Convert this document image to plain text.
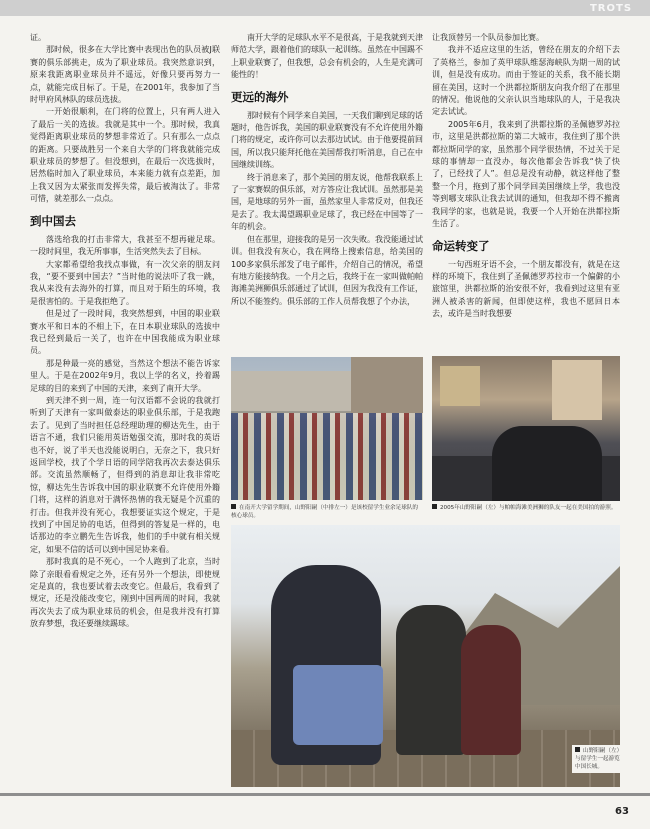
TROTS

证。

那时候，很多在大学比赛中表现出色的队员被J联赛的俱乐部挑走，成为了职业球员。我突然意识到，原来我距离职业球员并不遥远，好像只要再努力一点，就能完成目标了。于是，在2001年，我参加了当时甲府风林队的球员选拔。

一开始很顺利，在门将的位置上，只有两人进入了最后一关的选拔。我就是其中一个。那时候，我真觉得距离职业球员的梦想非常近了。只有那么一点点的距离。只要战胜另一个来自大学的门将我就能完成职业球员的梦想了。但没想到，在最后一次选拔时，居然临时加入了职业球员，本来能力就有点差距，加上我又因为太紧张而发挥失常，最后被淘汰了。非常可惜，就差那么一点点。

到中国去

落选给我的打击非常大，我甚至不想再碰足球。一段时间里，我无所事事，生活突然失去了目标。

大家都希望给我找点事做，有一次父亲的朋友问我，“要不要到中国去？”当时他的说法吓了我一跳，我从来没有去海外的打算，而且对于陌生的环境，我是很害怕的。于是我拒绝了。

但是过了一段时间，我突然想到，中国的职业联赛水平和日本的不相上下，在日本职业球队的选拔中我已经到最后一关了，也许在中国我能成为职业球员。

那是种最一亮的感觉，当然这个想法不能告诉家里人。于是在2002年9月，我以上学的名义，拎着踢足球的目的来到了中国的天津，来到了南开大学。

到天津不到一周，连一句汉语都不会说的我就打听到了天津有一家叫做泰达的职业俱乐部，于是我跑去了。见到了当时担任总经理助理的柳达先生，由于语言不通，我们只能用英语勉强交流，那时我的英语也不好，说了半天也没能说明白，无奈之下，我只好返回学校，找了个学日语的同学陪我再次去泰达俱乐部。交流虽然顺畅了，但得到的消息却让我非常吃惊，柳达先生告诉我中国的职业联赛不允许使用外籍门将，这样的消息对于满怀热情的我无疑是个沉重的打击。但我并没有死心，我想要证实这个规定，于是找到了中国足协的电话，但得到的答复是一样的，电话那边的李立鹏先生告诉我，他们的手中就有相关规定，如果不信的话可以到中国足协来看。

那时我真的是不死心，一个人跑到了北京，当时除了亲眼看看规定之外，还有另外一个想法，即使规定是真的，我也要试着去改变它。但最后，我看到了规定，还是没能改变它，刚到中国两周的时间，我就再次失去了成为职业球员的机会，但是我并没有打算放弃梦想，我还要继续踢球。

南开大学的足球队水平不是很高，于是我就到天津师范大学，跟着他们的球队一起训练。虽然在中国踢不上职业联赛了，但我想，总会有机会的，人生是充满可能性的！

更远的海外

那时候有个同学来自美国，一天我们聊到足球的话题时，他告诉我，美国的职业联赛没有不允许使用外籍门将的规定，或许你可以去那边试试。由于他要提前回国，所以我只能拜托他在美国帮我打听消息，自己在中国继续训练。

终于消息来了，那个美国的朋友说，他帮我联系上了一家赛娱的俱乐部，对方答应让我试训。虽然那是美国，是地球的另外一面，虽然家里人非常反对，但我还是去了。我太渴望踢职业足球了，我已经在中国等了一年的机会。

但在那里，迎接我的是另一次失败。我没能通过试训。但我没有灰心，我在网络上搜索信息，给美国的100多家俱乐部发了电子邮件，介绍自己的情况，希望有地方能接纳我。一个月之后，我终于在一家叫做帕帕海滩美洲狮俱乐部通过了试训，但因为我没有工作证，所以不能签约。俱乐部的工作人员帮我想了个办法，

让我顶替另一个队员参加比赛。

我并不适应这里的生活，曾经在朋友的介绍下去了英格兰，参加了英甲球队维瑟海峡队为期一周的试训，但是没有成功。而由于签证的关系，我不能长期留在美国，这时一个洪都拉斯朋友向我介绍了在那里的情况。他说他的父亲认识当地球队的人，于是我决定去试试。

2005年6月，我来到了洪都拉斯的圣佩德罗苏拉市，这里是洪都拉斯的第二大城市，我住到了那个洪都拉斯同学的家，虽然那个同学很热情，不过关于足球的事情却一直没办，每次他都会告诉我“快了快了，已经找了人”。但总是没有动静，就这样他了整整一个月，拖到了那个同学回美国继续上学，我也没等到哪支球队让我去试训的通知，但我却不得不搬离我同学的家，也就是说，我要一个人开始在洪都拉斯生活了。

命运转变了

一句西班牙语不会，一个朋友都没有，就是在这样的环境下，我住到了圣佩德罗苏拉市一个偏僻的小旅馆里，洪都拉斯的治安很不好，我看到过这里有亚洲人被杀害的新闻，但即使这样，我也不愿回日本去，或许是当时我想要

在南开大学留学期间，山野阳嗣（中排左一）是该校留学生业余足球队的核心球员。
2005年山野阳嗣（左）与帕帕海滩美洲狮的队友一起在美国拍的游照。
山野阳嗣（左）与留学生一起游览中国长城。
63
